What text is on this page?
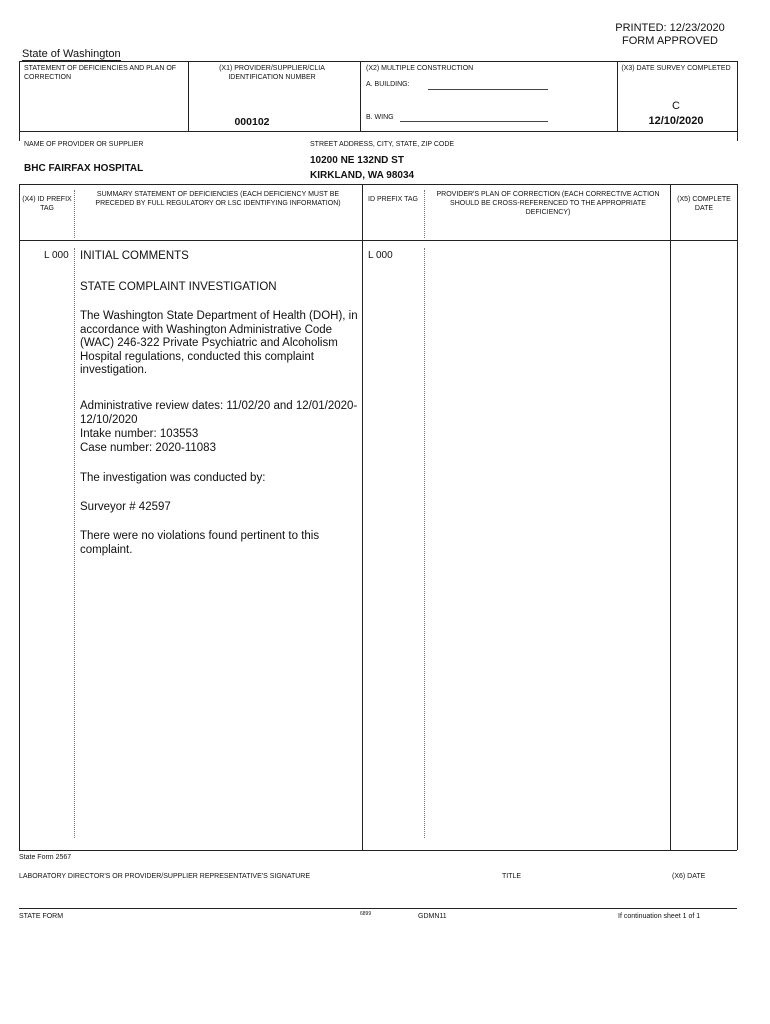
PRINTED: 12/23/2020
FORM APPROVED
State of Washington
STATEMENT OF DEFICIENCIES AND PLAN OF CORRECTION
(X1) PROVIDER/SUPPLIER/CLIA IDENTIFICATION NUMBER
000102
(X2) MULTIPLE CONSTRUCTION
A. BUILDING:
B. WING
(X3) DATE SURVEY COMPLETED
C
12/10/2020
NAME OF PROVIDER OR SUPPLIER
BHC FAIRFAX HOSPITAL
STREET ADDRESS, CITY, STATE, ZIP CODE
10200 NE 132ND ST
KIRKLAND, WA 98034
(X4) ID PREFIX TAG
SUMMARY STATEMENT OF DEFICIENCIES (EACH DEFICIENCY MUST BE PRECEDED BY FULL REGULATORY OR LSC IDENTIFYING INFORMATION)
ID PREFIX TAG
PROVIDER'S PLAN OF CORRECTION (EACH CORRECTIVE ACTION SHOULD BE CROSS-REFERENCED TO THE APPROPRIATE DEFICIENCY)
(X5) COMPLETE DATE
L 000	L 000
INITIAL COMMENTS
STATE COMPLAINT INVESTIGATION
The Washington State Department of Health (DOH), in accordance with Washington Administrative Code (WAC) 246-322 Private Psychiatric and Alcoholism Hospital regulations, conducted this complaint investigation.
Administrative review dates: 11/02/20 and 12/01/2020-12/10/2020
Intake number: 103553
Case number: 2020-11083
The investigation was conducted by:
Surveyor # 42597
There were no violations found pertinent to this complaint.
State Form 2567
LABORATORY DIRECTOR'S OR PROVIDER/SUPPLIER REPRESENTATIVE'S SIGNATURE	TITLE	(X6) DATE
STATE FORM	6899	GDMN11	If continuation sheet 1 of 1
